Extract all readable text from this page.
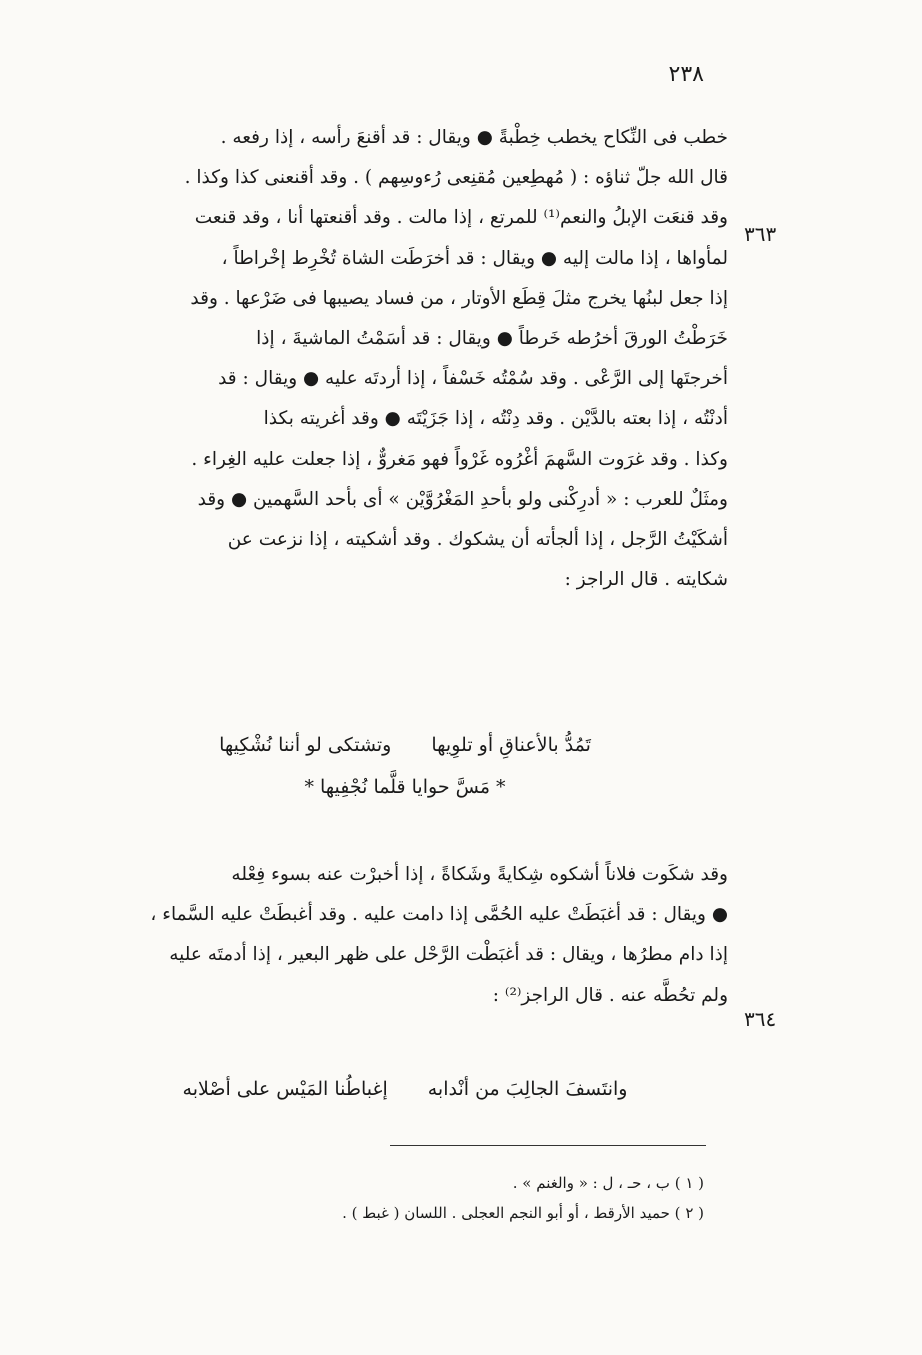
٢٣٨
٣٦٣
٣٦٤

خطب فى النِّكاح يخطب خِطْبةً ● ويقال : قد أقنعَ رأسه ، إذا رفعه .

قال الله جلّ ثناؤه : ( مُهطِعين مُقنِعى رُءوسِهم ) . وقد أقنعنى كذا وكذا .

وقد قنعَت الإبلُ والنعم⁽¹⁾ للمرتع ، إذا مالت . وقد أقنعتها أنا ، وقد قنعت

لمأواها ، إذا مالت إليه ● ويقال : قد أخرَطَت الشاة تُخْرِط إخْراطاً ،

إذا جعل لبنُها يخرج مثلَ قِطَع الأوتار ، من فساد يصيبها فى ضَرْعها . وقد

خَرَطْتُ الورقَ أخرُطه خَرطاً ● ويقال : قد أسَمْتُ الماشيةَ ، إذا

أخرجتَها إلى الرَّعْى . وقد سُمْتُه خَسْفاً ، إذا أردتَه عليه ● ويقال : قد

أدنْتُه ، إذا بعته بالدَّيْن . وقد دِنْتُه ، إذا جَزَيْتَه ● وقد أغريته بكذا

وكذا . وقد غرَوت السَّهمَ أغْرُوه غَرْواً فهو مَغروٌّ ، إذا جعلت عليه الغِراء .

ومثَلٌ للعرب : « أدرِكْنى ولو بأحدِ المَغْرُوَّيْن » أى بأحد السَّهمين ● وقد

أشكَيْتُ الرَّجل ، إذا ألجأته أن يشكوك . وقد أشكيته ، إذا نزعت عن

شكايته . قال الراجز :

تَمُدُّ بالأعناقِ أو تلوِيهاوتشتكى لو أننا نُشْكِيها
* مَسَّ حوايا قلَّما نُجْفِيها *

وقد شكَوت فلاناً أشكوه شِكايةً وشَكاةً ، إذا أخبرْت عنه بسوء فِعْله

● ويقال : قد أغبَطَتْ عليه الحُمَّى إذا دامت عليه . وقد أغبطَتْ عليه السَّماء ،

إذا دام مطرُها ، ويقال : قد أغبَطْت الرَّحْل على ظهر البعير ، إذا أدمتَه عليه

ولم تحُطَّه عنه . قال الراجز⁽²⁾ :

وانتَسفَ الجالِبَ من أنْدابهإغباطُنا المَيْس على أصْلابه
( ١ ) ب ، حـ ، ل : « والغنم » .
( ٢ ) حميد الأرقط ، أو أبو النجم العجلى . اللسان ( غبط ) .
